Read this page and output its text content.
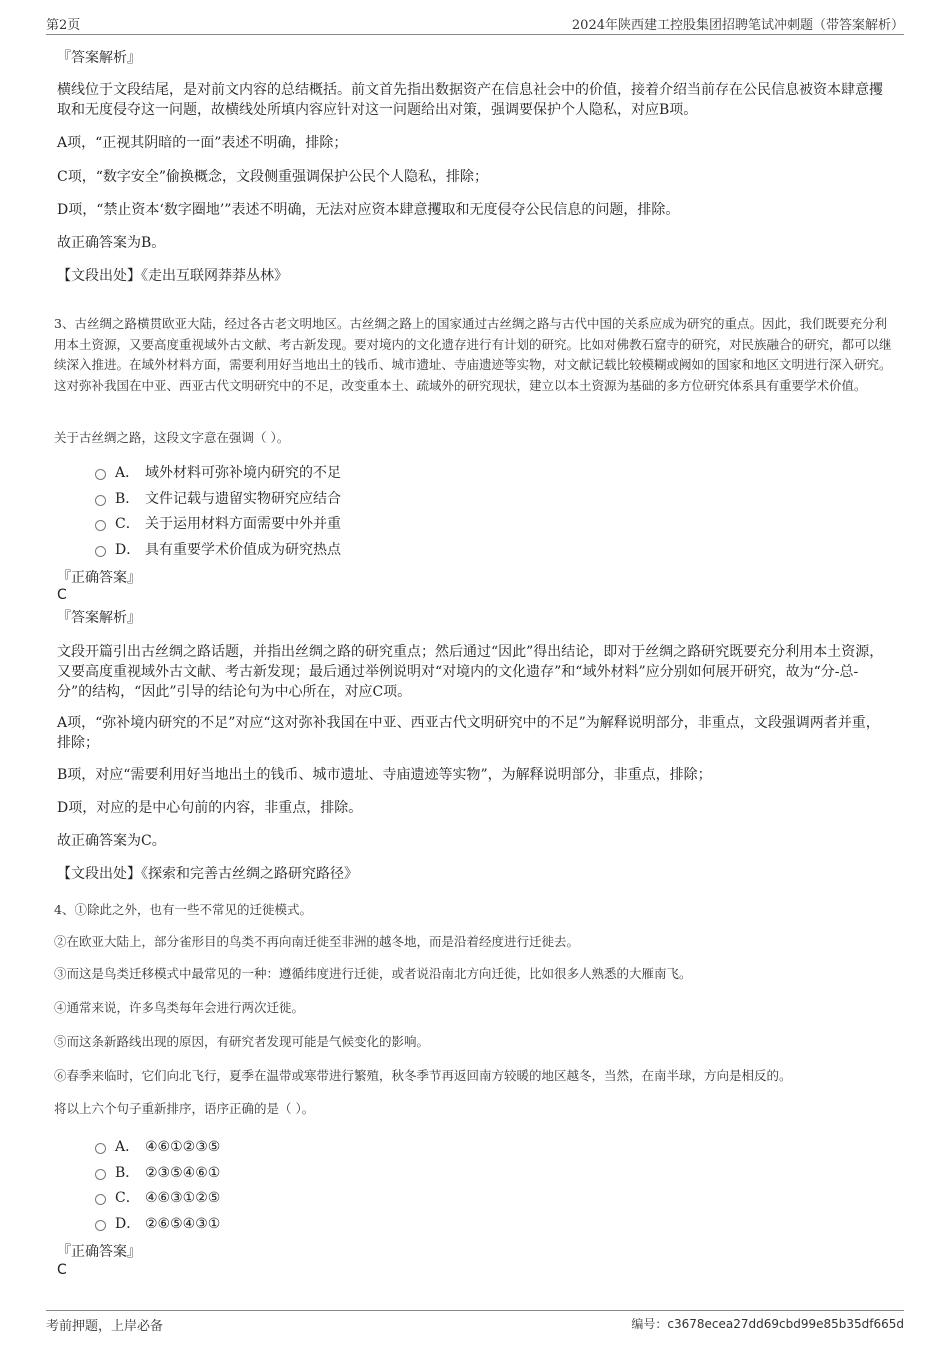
第2页	2024年陕西建工控股集团招聘笔试冲刺题（带答案解析）
『答案解析』
横线位于文段结尾，是对前文内容的总结概括。前文首先指出数据资产在信息社会中的价值，接着介绍当前存在公民信息被资本肆意攫取和无度侵夺这一问题，故横线处所填内容应针对这一问题给出对策，强调要保护个人隐私，对应B项。
A项，“正视其阴暗的一面”表述不明确，排除；
C项，“数字安全”偷换概念，文段侧重强调保护公民个人隐私，排除；
D项，“禁止资本‘数字圈地’”表述不明确，无法对应资本肆意攫取和无度侵夺公民信息的问题，排除。
故正确答案为B。
【文段出处】《走出互联网莽莽丛林》
3、古丝绸之路横贯欧亚大陆，经过各古老文明地区。古丝绸之路上的国家通过古丝绸之路与古代中国的关系应成为研究的重点。因此，我们既要充分利用本土资源，又要高度重视域外古文献、考古新发现。要对境内的文化遗存进行有计划的研究。比如对佛教石窟寺的研究，对民族融合的研究，都可以继续深入推进。在域外材料方面，需要利用好当地出土的钱币、城市遗址、寺庙遗迹等实物，对文献记载比较模糊或阙如的国家和地区文明进行深入研究。这对弥补我国在中亚、西亚古代文明研究中的不足，改变重本土、疏域外的研究现状，建立以本土资源为基础的多方位研究体系具有重要学术价值。
关于古丝绸之路，这段文字意在强调（ ）。
A． 域外材料可弥补境内研究的不足
B． 文件记载与遗留实物研究应结合
C． 关于运用材料方面需要中外并重
D． 具有重要学术价值成为研究热点
『正确答案』
C
『答案解析』
文段开篇引出古丝绸之路话题，并指出丝绸之路的研究重点；然后通过“因此”得出结论，即对于丝绸之路研究既要充分利用本土资源，又要高度重视域外古文献、考古新发现；最后通过举例说明对“对境内的文化遗存”和“域外材料”应分别如何展开研究，故为“分-总-分”的结构，“因此”引导的结论句为中心所在，对应C项。
A项，“弥补境内研究的不足”对应“这对弥补我国在中亚、西亚古代文明研究中的不足”为解释说明部分，非重点，文段强调两者并重，排除；
B项，对应“需要利用好当地出土的钱币、城市遗址、寺庙遗迹等实物”，为解释说明部分，非重点，排除；
D项，对应的是中心句前的内容，非重点，排除。
故正确答案为C。
【文段出处】《探索和完善古丝绸之路研究路径》
4、①除此之外，也有一些不常见的迁徙模式。
②在欧亚大陆上，部分雀形目的鸟类不再向南迁徙至非洲的越冬地，而是沿着经度进行迁徙去。
③而这是鸟类迁移模式中最常见的一种：遵循纬度进行迁徙，或者说沿南北方向迁徙，比如很多人熟悉的大雁南飞。
④通常来说，许多鸟类每年会进行两次迁徙。
⑤而这条新路线出现的原因，有研究者发现可能是气候变化的影响。
⑥春季来临时，它们向北飞行，夏季在温带或寒带进行繁殖，秋冬季节再返回南方较暖的地区越冬，当然，在南半球，方向是相反的。
将以上六个句子重新排序，语序正确的是（ ）。
A． ④⑥①②③⑤
B． ②③⑤④⑥①
C． ④⑥③①②⑤
D． ②⑥⑤④③①
『正确答案』
C
考前押题，上岸必备	编号：c3678ecea27dd69cbd99e85b35df665d
